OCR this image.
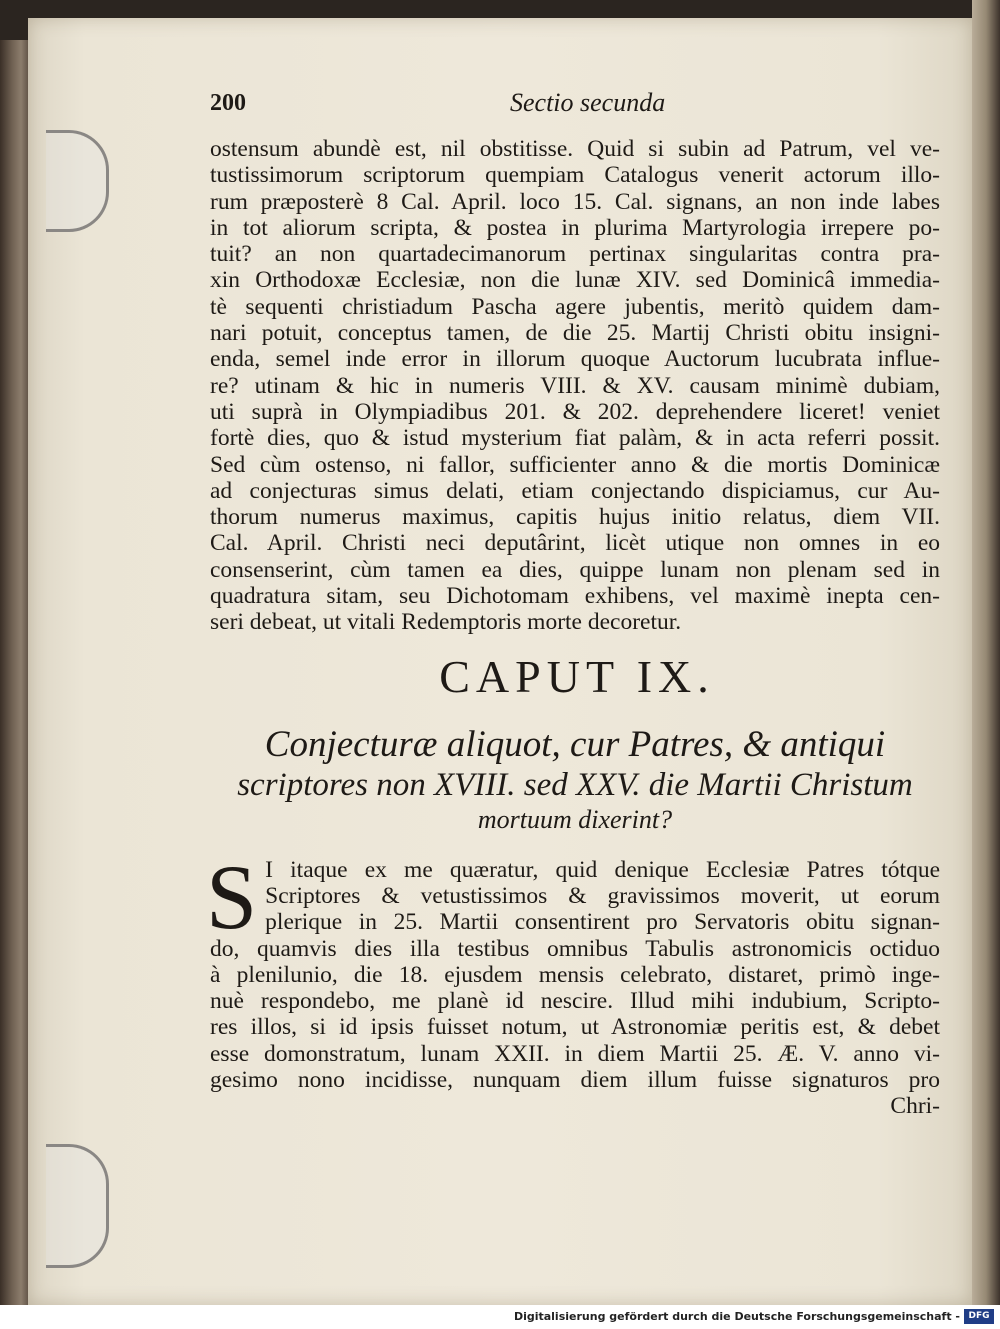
200	Sectio secunda

ostensum abundè est, nil obstitisse. Quid si subin ad Patrum, vel ve-
tustissimorum scriptorum quempiam Catalogus venerit actorum illo-
rum præposterè 8 Cal. April. loco 15. Cal. signans, an non inde labes
in tot aliorum scripta, & postea in plurima Martyrologia irrepere po-
tuit? an non quartadecimanorum pertinax singularitas contra pra-
xin Orthodoxæ Ecclesiæ, non die lunæ XIV. sed Dominicâ immedia-
tè sequenti christiadum Pascha agere jubentis, meritò quidem dam-
nari potuit, conceptus tamen, de die 25. Martij Christi obitu insigni-
enda, semel inde error in illorum quoque Auctorum lucubrata influe-
re? utinam & hic in numeris VIII. & XV. causam minimè dubiam,
uti suprà in Olympiadibus 201. & 202. deprehendere liceret! veniet
fortè dies, quo & istud mysterium fiat palàm, & in acta referri possit.
Sed cùm ostenso, ni fallor, sufficienter anno & die mortis Dominicæ
ad conjecturas simus delati, etiam conjectando dispiciamus, cur Au-
thorum numerus maximus, capitis hujus initio relatus, diem VII.
Cal. April. Christi neci deputârint, licèt utique non omnes in eo
consenserint, cùm tamen ea dies, quippe lunam non plenam sed in
quadratura sitam, seu Dichotomam exhibens, vel maximè inepta cen-
seri debeat, ut vitali Redemptoris morte decoretur.

CAPUT IX.
Conjecturæ aliquot, cur Patres, & antiqui
scriptores non XVIII. sed XXV. die Martii Christum
mortuum dixerint?
S I itaque ex me quæratur, quid denique Ecclesiæ Patres tótque
Scriptores & vetustissimos & gravissimos moverit, ut eorum
plerique in 25. Martii consentirent pro Servatoris obitu signan-
do, quamvis dies illa testibus omnibus Tabulis astronomicis octiduo
à plenilunio, die 18. ejusdem mensis celebrato, distaret, primò inge-
nuè respondebo, me planè id nescire. Illud mihi indubium, Scripto-
res illos, si id ipsis fuisset notum, ut Astronomiæ peritis est, & debet
esse domonstratum, lunam XXII. in diem Martii 25. Æ. V. anno vi-
gesimo nono incidisse, nunquam diem illum fuisse signaturos pro

Chri-
Digitalisierung gefördert durch die Deutsche Forschungsgemeinschaft - DFG
